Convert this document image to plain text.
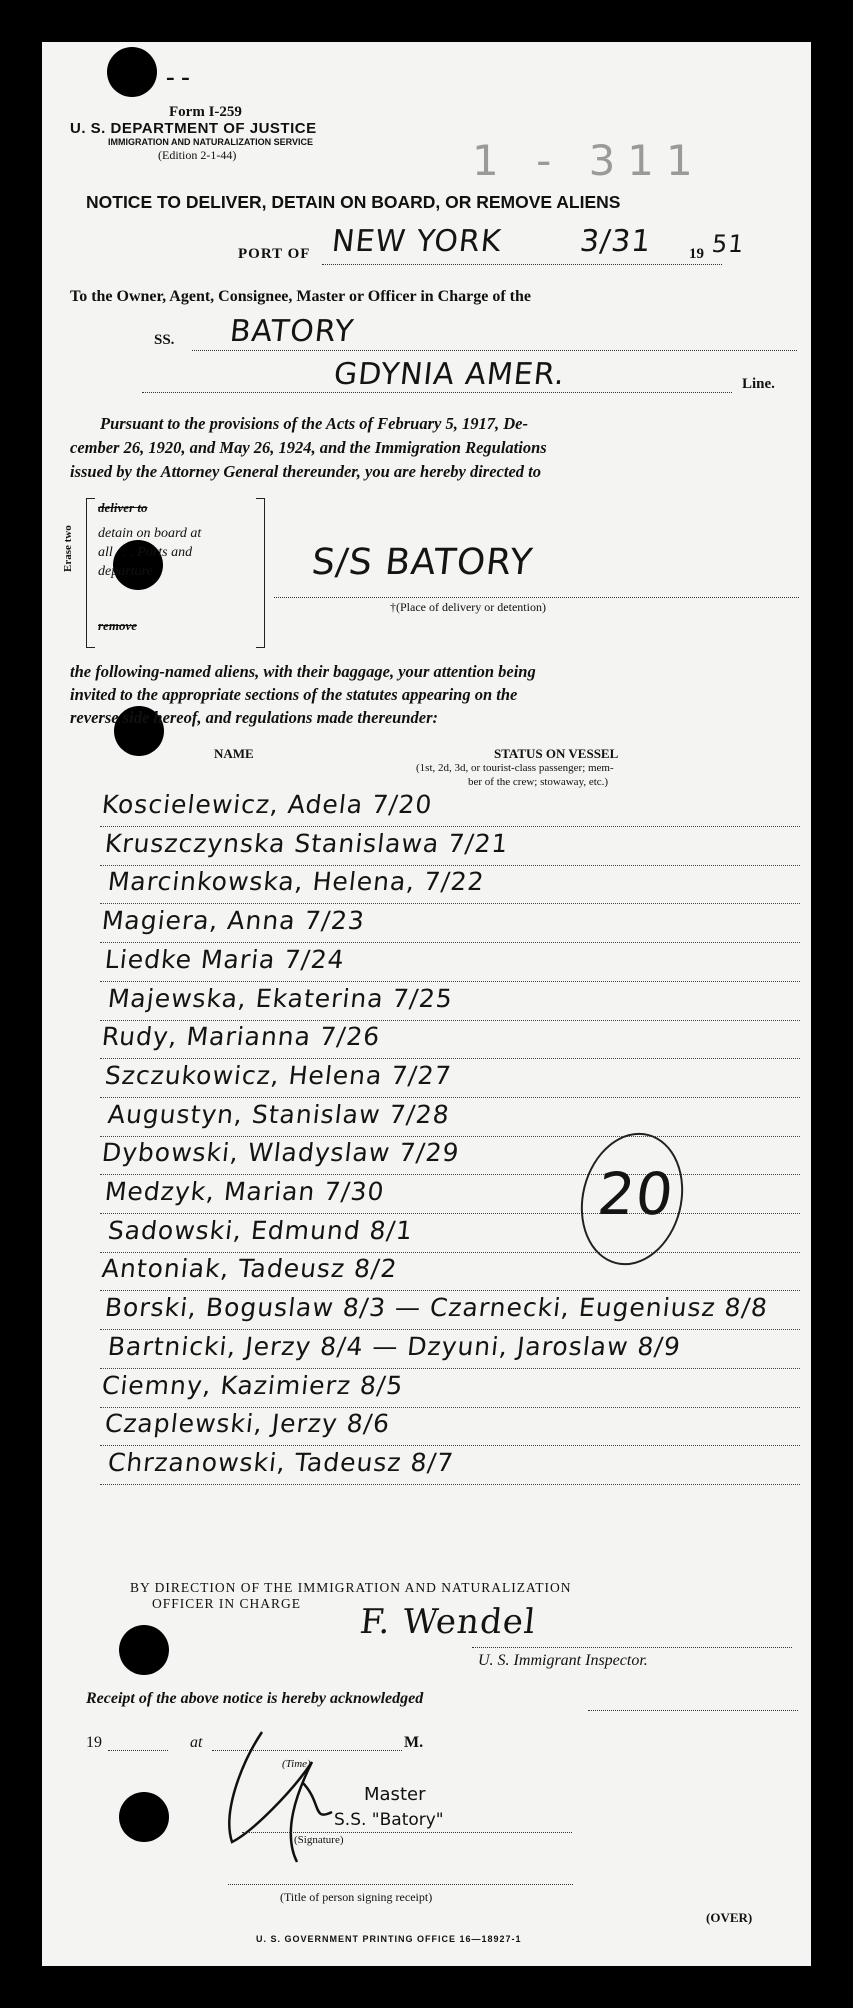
- -
Form I-259
U. S. DEPARTMENT OF JUSTICE
IMMIGRATION AND NATURALIZATION SERVICE
(Edition 2-1-44)	1 - 311
NOTICE TO DELIVER, DETAIN ON BOARD, OR REMOVE ALIENS
PORT OF NEW YORK 3/31 19 51
To the Owner, Agent, Consignee, Master or Officer in Charge of the
SS. BATORY
GDYNIA AMER.	Line.
Pursuant to the provisions of the Acts of February 5, 1917, De-
cember 26, 1920, and May 26, 1924, and the Immigration Regulations
issued by the Attorney General thereunder, you are hereby directed to
Erase two
deliver to
detain on board at
all . . . Ports and
departure
remove
S/S BATORY
†(Place of delivery or detention)
the following-named aliens, with their baggage, your attention being
invited to the appropriate sections of the statutes appearing on the
reverse side hereof, and regulations made thereunder:
NAME	STATUS ON VESSEL
(1st, 2d, 3d, or tourist-class passenger; mem-
ber of the crew; stowaway, etc.)
Koscielewicz, Adela 7/20
Kruszczynska Stanislawa 7/21
Marcinkowska, Helena, 7/22
Magiera, Anna 7/23
Liedke Maria 7/24
Majewska, Ekaterina 7/25
Rudy, Marianna 7/26
Szczukowicz, Helena 7/27
Augustyn, Stanislaw 7/28
Dybowski, Wladyslaw 7/29
Medzyk, Marian 7/30
Sadowski, Edmund 8/1
Antoniak, Tadeusz 8/2
Borski, Boguslaw 8/3 — Czarnecki, Eugeniusz 8/8
Bartnicki, Jerzy 8/4 — Dzyuni, Jaroslaw 8/9
Ciemny, Kazimierz 8/5
Czaplewski, Jerzy 8/6
Chrzanowski, Tadeusz 8/7
20
BY DIRECTION OF THE IMMIGRATION AND NATURALIZATION
OFFICER IN CHARGE F. Wendel
U. S. Immigrant Inspector.
Receipt of the above notice is hereby acknowledged
19	at	M.
(Time)
Master
S.S. "Batory"
(Signature)
(Title of person signing receipt)
U. S. GOVERNMENT PRINTING OFFICE 16—18927-1
(OVER)
